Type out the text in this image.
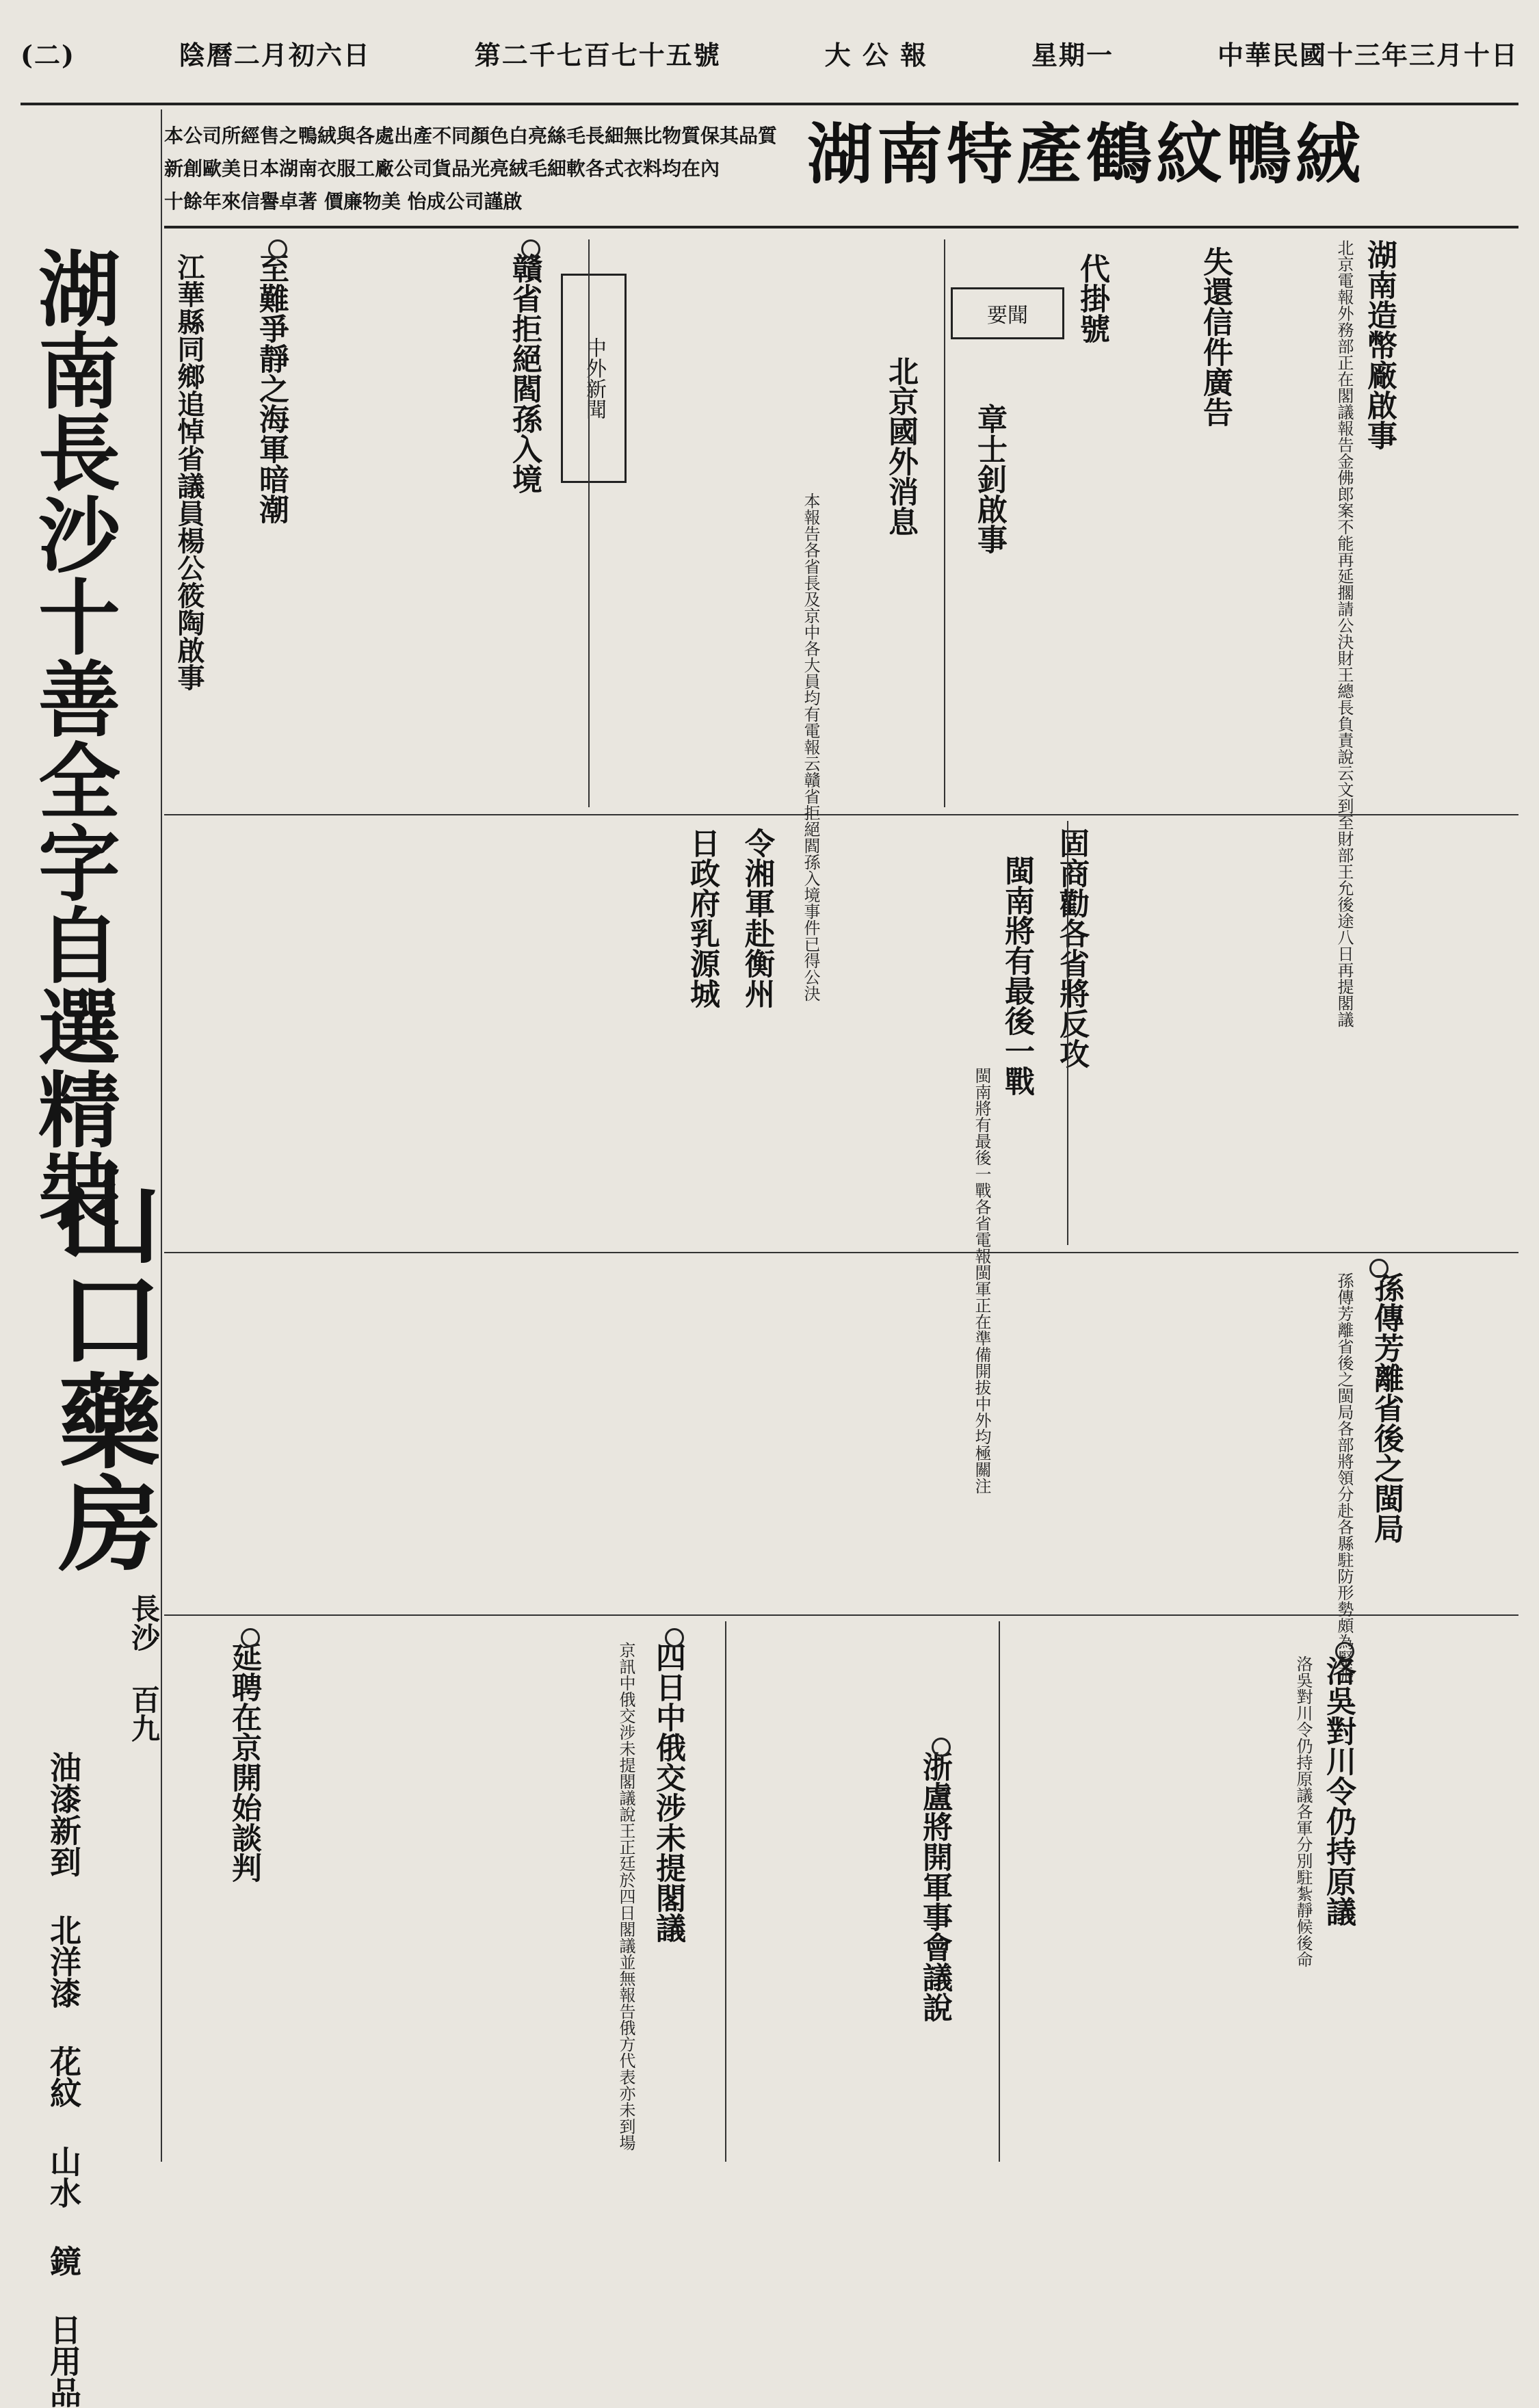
(二)	陰曆二月初六日	第二千七百七十五號	大 公 報	星期一	中華民國十三年三月十日
湖南特產鶴紋鴨絨
本公司所經售之鴨絨與各處出產不同顏色白亮絲毛長細無比物質保其品質
新創歐美日本湖南衣服工廠公司貨品光亮絨毛細軟各式衣料均在內
十餘年來信譽卓著 價廉物美 怡成公司謹啟
湖南長沙十善全字自選精裝
山口藥房
長沙 百九
油漆新到 北洋漆 花紋 山水 鏡 日用品
湖南造幣廠啟事
失還信件廣告
代掛號
章士釗啟事
要聞
北京國外消息
中外新聞
贛省拒絕閻孫入境
至難爭靜之海軍暗潮
江華縣同鄉追悼省議員楊公筱陶啟事
固商勸各省將反攻
令湘軍赴衡州
日政府乳源城	閩南將有最後一戰
孫傳芳離省後之閩局
四日中俄交涉未提閣議
延聘在京開始談判	浙盧將開軍事會議說	洛吳對川令仍持原議
北京電報外務部正在閣議報告金佛郎案不能再延擱請公決財王總長負責說云文到至財部王允後途八日再提閣議
本報告各省長及京中各大員均有電報云贛省拒絕閻孫入境事件已得公決
閩南將有最後一戰各省電報閩軍正在準備開拔中外均極關注
京訊中俄交涉未提閣議說王正廷於四日閣議並無報告俄方代表亦未到場
孫傳芳離省後之閩局各部將領分赴各縣駐防形勢頗為緊張
洛吳對川令仍持原議各軍分別駐紮靜候後命
